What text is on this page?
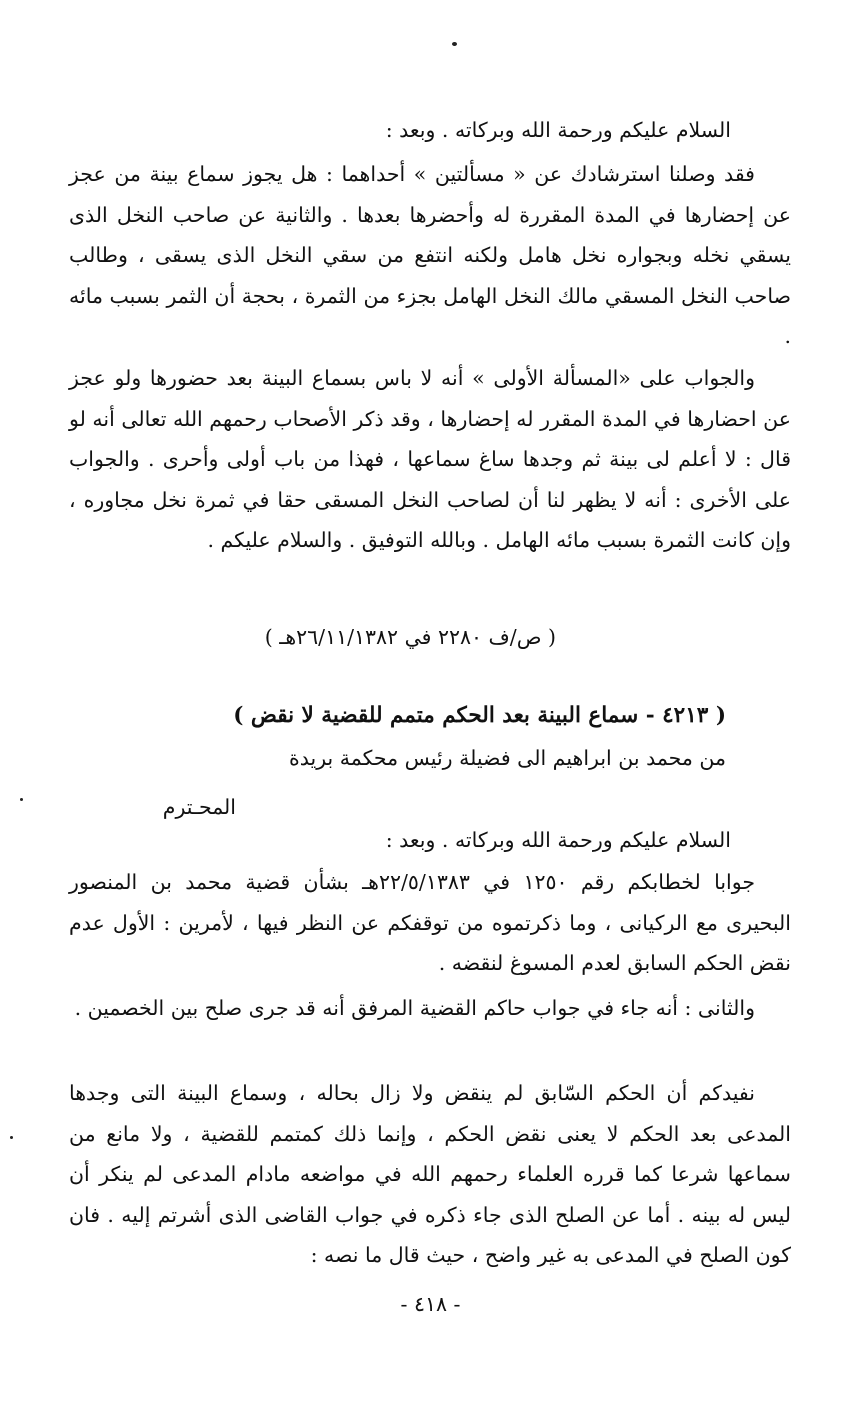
السلام عليكم ورحمة الله وبركاته . وبعد :

فقد وصلنا استرشادك عن « مسألتين » أحداهما : هل يجوز سماع بينة من عجز عن إحضارها في المدة المقررة له وأحضرها بعدها . والثانية عن صاحب النخل الذى يسقي نخله وبجواره نخل هامل ولكنه انتفع من سقي النخل الذى يسقى ، وطالب صاحب النخل المسقي مالك النخل الهامل بجزء من الثمرة ، بحجة أن الثمر بسبب مائه .

والجواب على «المسألة الأولى » أنه لا باس بسماع البينة بعد حضورها ولو عجز عن احضارها في المدة المقرر له إحضارها ، وقد ذكر الأصحاب رحمهم الله تعالى أنه لو قال : لا أعلم لى بينة ثم وجدها ساغ سماعها ، فهذا من باب أولى وأحرى . والجواب على الأخرى : أنه لا يظهر لنا أن لصاحب النخل المسقى حقا في ثمرة نخل مجاوره ، وإن كانت الثمرة بسبب مائه الهامل . وبالله التوفيق . والسلام عليكم .

( ص/ف ٢٢٨٠ في ٢٦/١١/١٣٨٢هـ )

( ٤٢١٣ - سماع البينة بعد الحكم متمم للقضية لا نقض )

من محمد بن ابراهيم الى فضيلة رئيس محكمة بريدة

المحـترم

السلام عليكم ورحمة الله وبركاته . وبعد :

جوابا لخطابكم رقم ١٢٥٠ في ٢٢/٥/١٣٨٣هـ بشأن قضية محمد بن المنصور البحيرى مع الركيانى ، وما ذكرتموه من توقفكم عن النظر فيها ، لأمرين : الأول عدم نقض الحكم السابق لعدم المسوغ لنقضه .

والثانى : أنه جاء في جواب حاكم القضية المرفق أنه قد جرى صلح بين الخصمين .

نفيدكم أن الحكم السّابق لم ينقض ولا زال بحاله ، وسماع البينة التى وجدها المدعى بعد الحكم لا يعنى نقض الحكم ، وإنما ذلك كمتمم للقضية ، ولا مانع من سماعها شرعا كما قرره العلماء رحمهم الله في مواضعه مادام المدعى لم ينكر أن ليس له بينه . أما عن الصلح الذى جاء ذكره في جواب القاضى الذى أشرتم إليه . فان كون الصلح في المدعى به غير واضح ، حيث قال ما نصه :

- ٤١٨ -
